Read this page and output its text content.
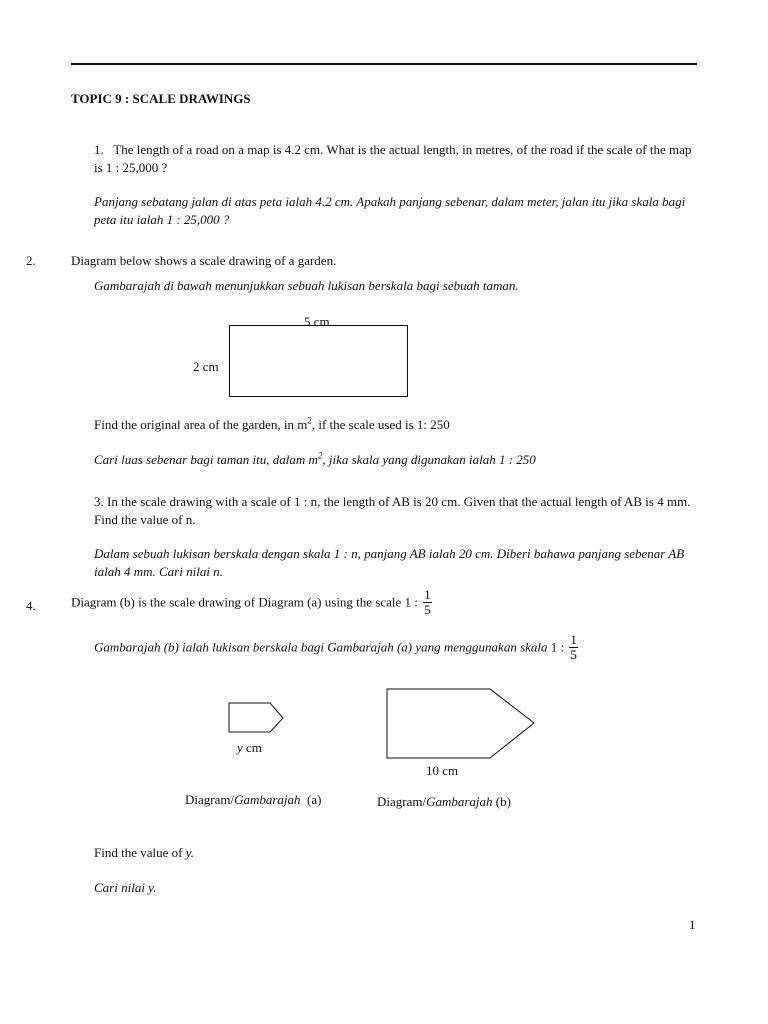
TOPIC 9 : SCALE DRAWINGS
1. The length of a road on a map is 4.2 cm. What is the actual length, in metres, of the road if the scale of the map is 1 : 25,000 ?
Panjang sebatang jalan di atas peta ialah 4.2 cm. Apakah panjang sebenar, dalam meter, jalan itu jika skala bagi peta itu ialah 1 : 25,000 ?
2.	Diagram below shows a scale drawing of a garden.
Gambarajah di bawah menunjukkan sebuah lukisan berskala bagi sebuah taman.
5 cm
2 cm
Find the original area of the garden, in $m^2$, if the scale used is 1: 250
Cari luas sebenar bagi taman itu, dalam $m^2$, jika skala yang digunakan ialah 1 : 250
3. In the scale drawing with a scale of 1 : n, the length of AB is 20 cm. Given that the actual length of AB is 4 mm. Find the value of n.
Dalam sebuah lukisan berskala dengan skala 1 : n, panjang AB ialah 20 cm. Diberi bahawa panjang sebenar AB ialah 4 mm. Cari nilai n.
4.	Diagram (b) is the scale drawing of Diagram (a) using the scale 1 : $\frac{1}{5}$
Gambarajah (b) ialah lukisan berskala bagi Gambarajah (a) yang menggunakan skala 1 : $\frac{1}{5}$
y cm
10 cm
Diagram/Gambarajah  (a)	Diagram/Gambarajah (b)
Find the value of y.
Cari nilai y.
1
